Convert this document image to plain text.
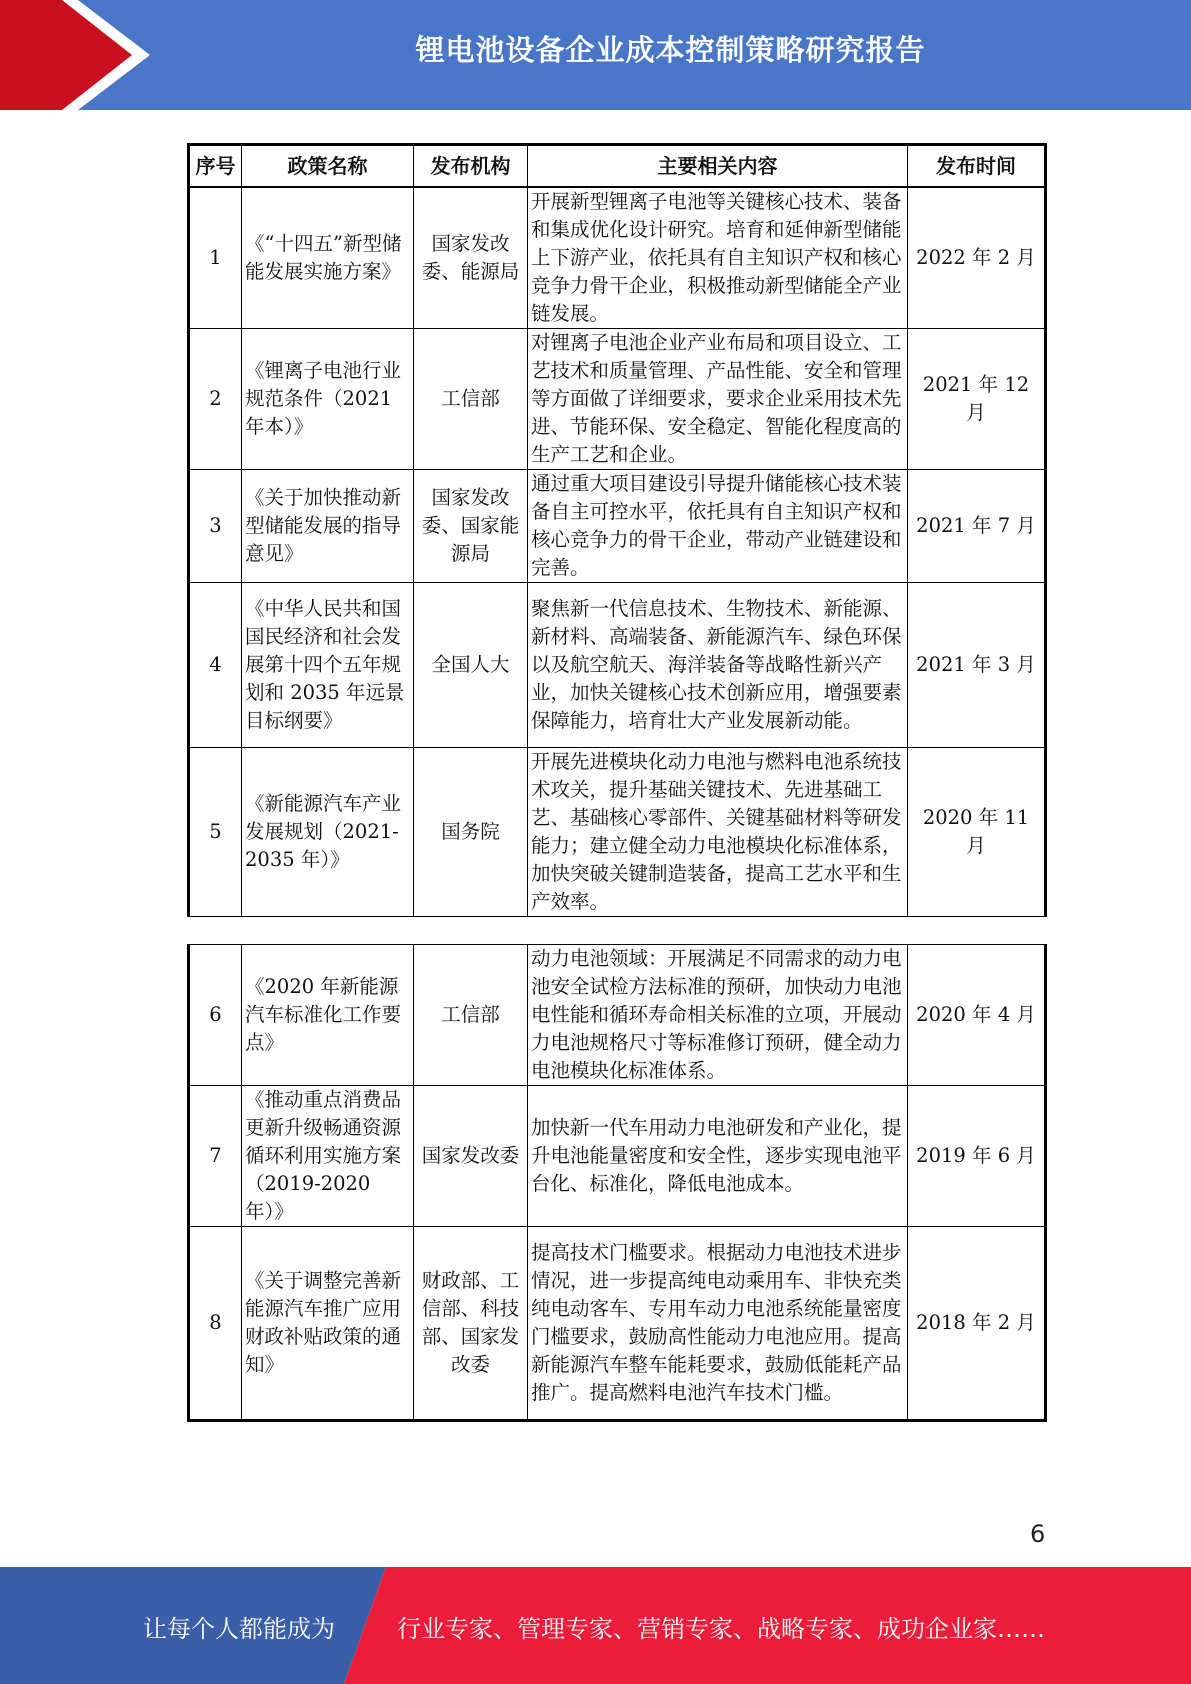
锂电池设备企业成本控制策略研究报告
序号	政策名称	发布机构	主要相关内容	发布时间
1	《“十四五”新型储能发展实施方案》	国家发改委、能源局	开展新型锂离子电池等关键核心技术、装备和集成优化设计研究。培育和延伸新型储能上下游产业，依托具有自主知识产权和核心竞争力骨干企业，积极推动新型储能全产业链发展。	2022 年 2 月
2	《锂离子电池行业规范条件（2021年本）》	工信部	对锂离子电池企业产业布局和项目设立、工艺技术和质量管理、产品性能、安全和管理等方面做了详细要求，要求企业采用技术先进、节能环保、安全稳定、智能化程度高的生产工艺和企业。	2021 年 12 月
3	《关于加快推动新型储能发展的指导意见》	国家发改委、国家能源局	通过重大项目建设引导提升储能核心技术装备自主可控水平，依托具有自主知识产权和核心竞争力的骨干企业，带动产业链建设和完善。	2021 年 7 月
4	《中华人民共和国国民经济和社会发展第十四个五年规划和 2035 年远景目标纲要》	全国人大	聚焦新一代信息技术、生物技术、新能源、新材料、高端装备、新能源汽车、绿色环保以及航空航天、海洋装备等战略性新兴产业，加快关键核心技术创新应用，增强要素保障能力，培育壮大产业发展新动能。	2021 年 3 月
5	《新能源汽车产业发展规划（2021-2035 年）》	国务院	开展先进模块化动力电池与燃料电池系统技术攻关，提升基础关键技术、先进基础工艺、基础核心零部件、关键基础材料等研发能力；建立健全动力电池模块化标准体系，加快突破关键制造装备，提高工艺水平和生产效率。	2020 年 11 月
6	《2020 年新能源汽车标准化工作要点》	工信部	动力电池领域：开展满足不同需求的动力电池安全试检方法标准的预研，加快动力电池电性能和循环寿命相关标准的立项，开展动力电池规格尺寸等标准修订预研，健全动力电池模块化标准体系。	2020 年 4 月
7	《推动重点消费品更新升级畅通资源循环利用实施方案（2019-2020 年）》	国家发改委	加快新一代车用动力电池研发和产业化，提升电池能量密度和安全性，逐步实现电池平台化、标准化，降低电池成本。	2019 年 6 月
8	《关于调整完善新能源汽车推广应用财政补贴政策的通知》	财政部、工信部、科技部、国家发改委	提高技术门槛要求。根据动力电池技术进步情况，进一步提高纯电动乘用车、非快充类纯电动客车、专用车动力电池系统能量密度门槛要求，鼓励高性能动力电池应用。提高新能源汽车整车能耗要求，鼓励低能耗产品推广。提高燃料电池汽车技术门槛。	2018 年 2 月
6
让每个人都能成为	行业专家、管理专家、营销专家、战略专家、成功企业家……
